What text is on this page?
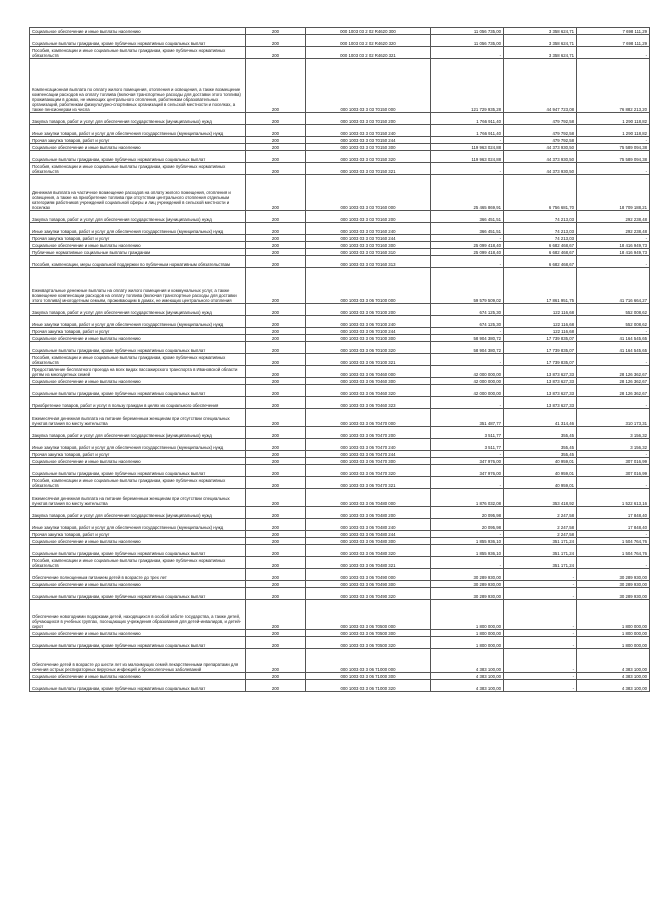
Социальное обеспечение и иные выплаты населению	200	000 1003 03 2 02 R4620 300	11 056 735,00	3 358 624,71	7 698 111,29
Социальные выплаты гражданам, кроме публичных нормативных социальных выплат	200	000 1003 03 2 02 R4620 320	11 056 735,00	3 358 624,71	7 698 111,29
Пособия, компенсации и иные социальные выплаты гражданам, кроме публичных нормативных обязательств	200	000 1003 03 2 02 R4620 321	-	3 358 624,71	-
Компенсационная выплата по оплату жилого помещения, отопления и освещения, а также возмещение компенсации расходов на оплату топлива (включая транспортные расходы для доставки этого топлива) проживающим в домах, не имеющих центрального отопления, работникам образовательных организаций, работникам физкультурно-спортивных организаций в сельской местности и поселках, а также пенсионерам из числа	200	000 1003 03 3 03 70150 000	121 729 935,28	44 947 723,08	76 882 213,20
Закупка товаров, работ и услуг для обеспечения государственных (муниципальных) нужд	200	000 1003 03 3 03 70150 200	1 766 911,40	479 792,58	1 290 118,82
Иные закупки товаров, работ и услуг для обеспечения государственных (муниципальных) нужд	200	000 1003 03 3 03 70150 240	1 766 911,40	479 792,58	1 290 118,82
Прочая закупка товаров, работ и услуг	200	000 1003 03 3 03 70150 244	-	479 792,58	-
Социальное обеспечение и иные выплаты населению	200	000 1003 03 3 03 70150 300	119 963 024,88	44 373 930,50	75 589 094,38
Социальные выплаты гражданам, кроме публичных нормативных социальных выплат	200	000 1003 03 3 03 70150 320	119 963 024,88	44 373 930,50	75 589 094,38
Пособия, компенсации и иные социальные выплаты гражданам, кроме публичных нормативных обязательств	200	000 1003 03 3 03 70150 321	-	44 373 930,50	-
Денежная выплата на частичное возмещение расходов на оплату жилого помещения, отопления и освещения, а также на приобретение топлива при отсутствии центрального отопления отдельным категориям работников учреждений социальной сферы и лиц учреждений в сельской местности и поселках	200	000 1003 03 3 03 70160 000	25 465 869,91	6 756 681,70	18 709 188,21
Закупка товаров, работ и услуг для обеспечения государственных (муниципальных) нужд	200	000 1003 03 3 03 70160 200	366 451,51	74 213,03	292 238,48
Иные закупки товаров, работ и услуг для обеспечения государственных (муниципальных) нужд	200	000 1003 03 3 03 70160 240	366 451,51	74 213,03	292 238,48
Прочая закупка товаров, работ и услуг	200	000 1003 03 3 03 70160 244	-	74 213,03	-
Социальное обеспечение и иные выплаты населению	200	000 1003 03 3 03 70160 300	25 099 418,40	6 682 468,67	18 416 949,73
Публичные нормативные социальные выплаты гражданам	200	000 1003 03 3 03 70160 310	25 099 418,40	6 682 468,67	18 416 949,73
Пособия, компенсации, меры социальной поддержки по публичным нормативным обязательствам	200	000 1003 03 3 03 70160 313	-	6 682 468,67	-
Ежеквартальные денежные выплаты на оплату жилого помещения и коммунальных услуг, а также возмещение компенсации расходов на оплату топлива (включая транспортные расходы для доставки этого топлива) многодетным семьям, проживающим в домах, не имеющих центрального отопления	200	000 1003 03 3 06 70100 000	59 579 509,02	17 861 951,75	41 716 664,27
Закупка товаров, работ и услуг для обеспечения государственных (муниципальных) нужд	200	000 1003 03 3 06 70100 200	674 125,30	122 116,68	552 008,62
Иные закупки товаров, работ и услуг для обеспечения государственных (муниципальных) нужд	200	000 1003 03 3 06 70100 240	674 125,30	122 116,68	552 008,62
Прочая закупка товаров, работ и услуг	200	000 1003 03 3 06 70100 244	-	122 116,68	-
Социальное обеспечение и иные выплаты населению	200	000 1003 03 3 06 70100 300	58 904 380,72	17 739 835,07	41 164 545,65
Социальные выплаты гражданам, кроме публичных нормативных социальных выплат	200	000 1003 03 3 06 70100 320	58 904 380,72	17 739 835,07	41 164 545,65
Пособия, компенсации и иные социальные выплаты гражданам, кроме публичных нормативных обязательств	200	000 1003 03 3 06 70100 321	-	17 739 835,07	-
Предоставление бесплатного проезда на всех видах пассажирского транспорта в Ивановской области детям из многодетных семей	200	000 1003 03 3 06 70460 000	42 000 000,00	13 873 627,33	28 126 362,67
Социальное обеспечение и иные выплаты населению	200	000 1003 03 3 06 70460 300	42 000 000,00	13 873 627,33	28 126 362,67
Социальные выплаты гражданам, кроме публичных нормативных социальных выплат	200	000 1003 03 3 06 70460 320	42 000 000,00	13 873 627,33	28 126 362,67
Приобретение товаров, работ и услуг в пользу граждан в целях их социального обеспечения	200	000 1003 03 3 06 70460 323	-	13 873 627,33	-
Ежемесячная денежная выплата на питание беременным женщинам при отсутствии специальных пунктов питания по месту жительства	200	000 1003 03 3 06 70470 000	351 487,77	41 314,46	310 173,31
Закупка товаров, работ и услуг для обеспечения государственных (муниципальных) нужд	200	000 1003 03 3 06 70470 200	3 511,77	355,45	3 156,32
Иные закупки товаров, работ и услуг для обеспечения государственных (муниципальных) нужд	200	000 1003 03 3 06 70470 240	3 511,77	355,45	3 156,32
Прочая закупка товаров, работ и услуг	200	000 1003 03 3 06 70470 244	-	355,45	-
Социальное обеспечение и иные выплаты населению	200	000 1003 03 3 06 70470 300	347 976,00	40 959,01	307 016,99
Социальные выплаты гражданам, кроме публичных нормативных социальных выплат	200	000 1003 03 3 06 70470 320	347 976,00	40 959,01	307 016,99
Пособия, компенсации и иные социальные выплаты гражданам, кроме публичных нормативных обязательств	200	000 1003 03 3 06 70470 321	-	40 959,01	-
Ежемесячная денежная выплата на питание беременным женщинам при отсутствии специальных пунктов питания по месту жительства	200	000 1003 03 3 06 70480 000	1 876 032,08	353 418,92	1 522 613,16
Закупка товаров, работ и услуг для обеспечения государственных (муниципальных) нужд	200	000 1003 03 3 06 70480 200	20 095,98	2 247,58	17 848,40
Иные закупки товаров, работ и услуг для обеспечения государственных (муниципальных) нужд	200	000 1003 03 3 06 70480 240	20 095,98	2 247,58	17 848,40
Прочая закупка товаров, работ и услуг	200	000 1003 03 3 06 70480 244	-	2 247,58	-
Социальное обеспечение и иные выплаты населению	200	000 1003 03 3 06 70480 300	1 855 936,10	351 171,24	1 504 764,76
Социальные выплаты гражданам, кроме публичных нормативных социальных выплат	200	000 1003 03 3 06 70480 320	1 855 936,10	351 171,24	1 504 764,76
Пособия, компенсации и иные социальные выплаты гражданам, кроме публичных нормативных обязательств	200	000 1003 03 3 06 70480 321	-	351 171,24	-
Обеспечение полноценным питанием детей в возрасте до трех лет	200	000 1003 03 3 06 70490 000	30 289 930,00	-	30 289 930,00
Социальное обеспечение и иные выплаты населению	200	000 1003 03 3 06 70490 300	30 289 930,00	-	30 289 930,00
Социальные выплаты гражданам, кроме публичных нормативных социальных выплат	200	000 1003 03 3 06 70490 320	30 289 930,00	-	30 289 930,00
Обеспечение новогодними подарками детей, находящихся в особой заботе государства, а также детей, обучающихся в учебных группах, посещающих учреждения образования для детей-инвалидов, и детей-сирот	200	000 1003 03 3 06 70500 000	1 800 000,00	-	1 800 000,00
Социальное обеспечение и иные выплаты населению	200	000 1003 03 3 06 70500 300	1 800 000,00	-	1 800 000,00
Социальные выплаты гражданам, кроме публичных нормативных социальных выплат	200	000 1003 03 3 06 70500 320	1 800 000,00	-	1 800 000,00
Обеспечение детей в возрасте до шести лет из малоимущих семей лекарственными препаратами для лечения острых респираторных вирусных инфекций и бронхолегочных заболеваний	200	000 1003 03 3 06 71000 000	4 383 100,00	-	4 383 100,00
Социальное обеспечение и иные выплаты населению	200	000 1003 03 3 06 71000 300	4 383 100,00	-	4 383 100,00
Социальные выплаты гражданам, кроме публичных нормативных социальных выплат	200	000 1003 03 3 06 71000 320	4 383 100,00	-	4 383 100,00
